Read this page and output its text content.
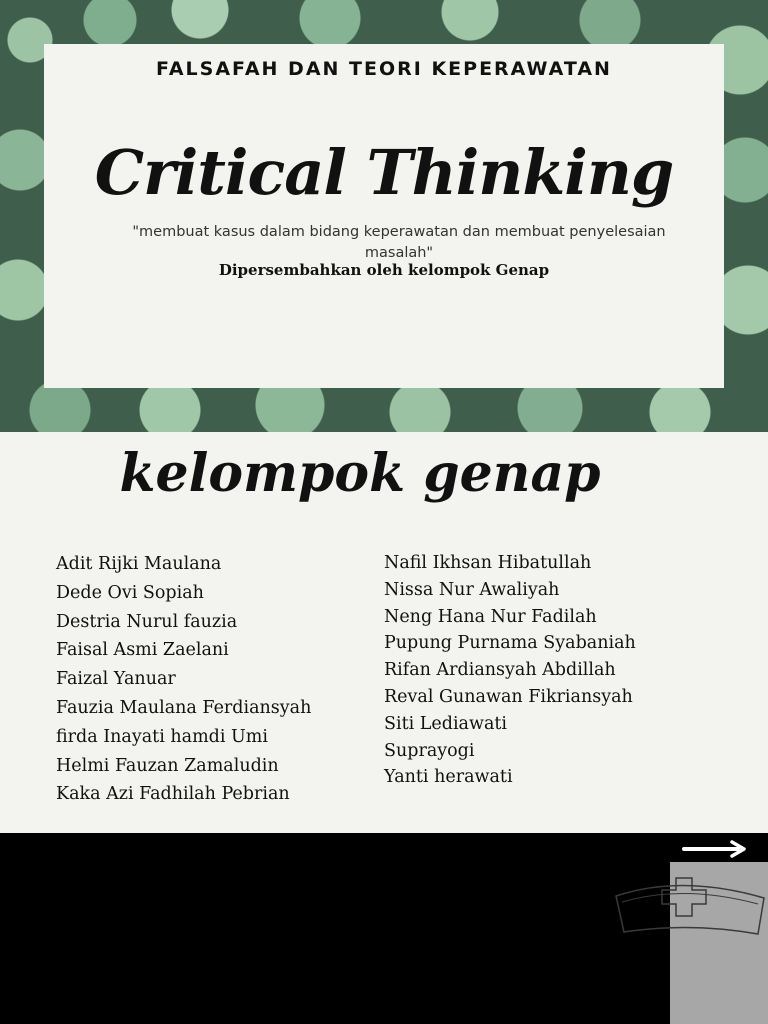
FALSAFAH DAN TEORI KEPERAWATAN
Critical Thinking
"membuat kasus dalam bidang keperawatan dan membuat penyelesaian masalah"
Dipersembahkan oleh kelompok Genap
kelompok genap
Adit Rijki Maulana
Dede Ovi Sopiah
Destria Nurul fauzia
Faisal Asmi Zaelani
Faizal Yanuar
Fauzia Maulana Ferdiansyah
firda Inayati hamdi Umi
Helmi Fauzan Zamaludin
Kaka Azi Fadhilah Pebrian
Nafil Ikhsan Hibatullah
Nissa Nur Awaliyah
Neng Hana Nur Fadilah
Pupung Purnama Syabaniah
Rifan Ardiansyah Abdillah
Reval Gunawan Fikriansyah
Siti Lediawati
Suprayogi
Yanti herawati
